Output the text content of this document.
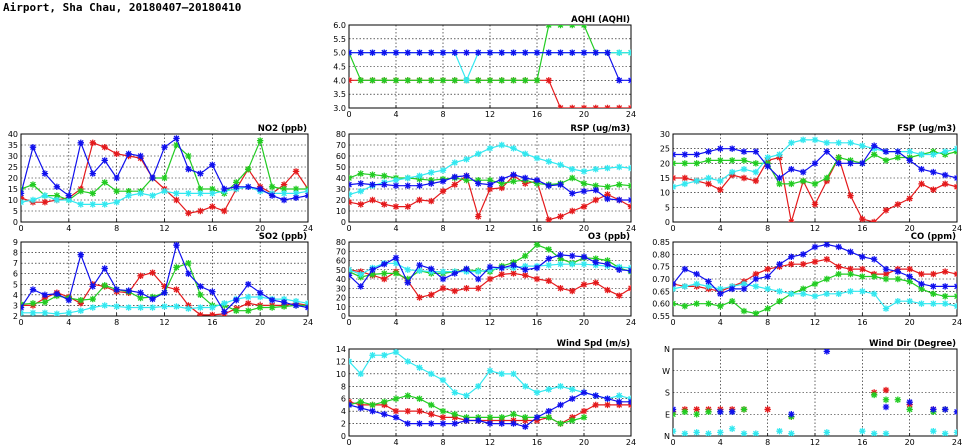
Airport, Sha Chau, 20180407–20180410
0	4	8	12	16	20	24
3.0
3.5
4.0
4.5
5.0
5.5
6.0
AQHI (AQHI)
0	4	8	12	16	20	24
0
5
10
15
20
25
30
35
40
NO2 (ppb)
0	4	8	12	16	20	24
0
10
20
30
40
50
60
70
80
RSP (ug/m3)
0	4	8	12	16	20	24
0
5
10
15
20
25
30
FSP (ug/m3)
0	4	8	12	16	20	24
2
3
4
5
6
7
8
9
SO2 (ppb)
0	4	8	12	16	20	24
0
10
20
30
40
50
60
70
80
O3 (ppb)
0	4	8	12	16	20	24
0.55
0.60
0.65
0.70
0.75
0.80
0.85
CO (ppm)
0	4	8	12	16	20	24
0
2
4
6
8
10
12
14
Wind Spd (m/s)
0	4	8	12	16	20	24
N
E
S
W
N
Wind Dir (Degree)
